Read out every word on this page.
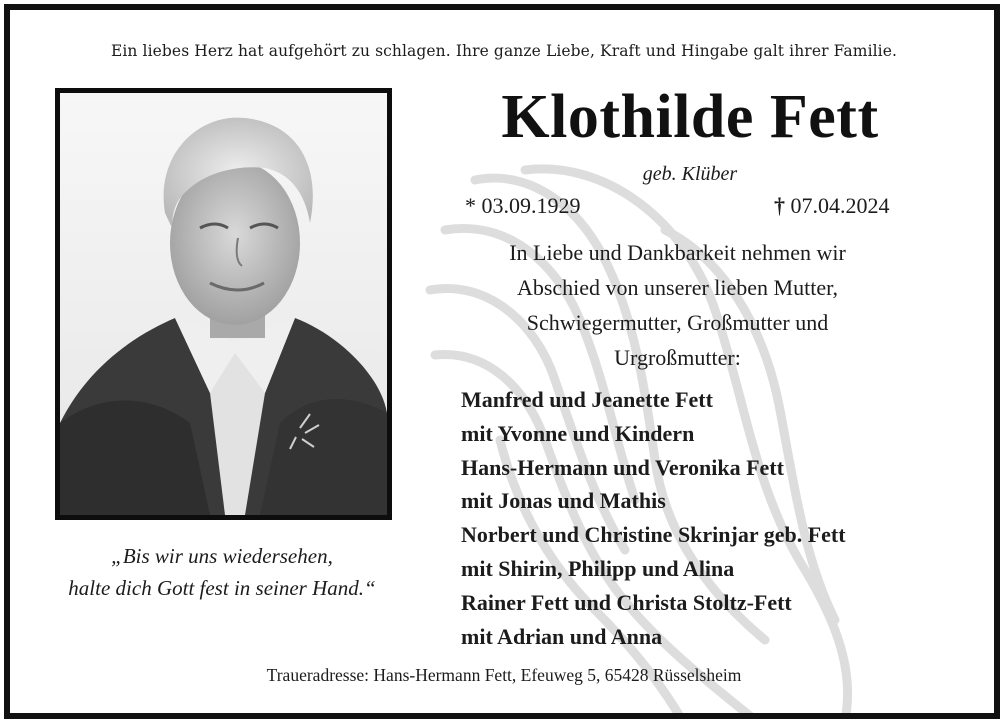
Ein liebes Herz hat aufgehört zu schlagen. Ihre ganze Liebe, Kraft und Hingabe galt ihrer Familie.
Klothilde Fett
geb. Klüber
* 03.09.1929	† 07.04.2024
In Liebe und Dankbarkeit nehmen wir
Abschied von unserer lieben Mutter,
Schwiegermutter, Großmutter und
Urgroßmutter:
Manfred und Jeanette Fett
mit Yvonne und Kindern
Hans-Hermann und Veronika Fett
mit Jonas und Mathis
Norbert und Christine Skrinjar geb. Fett
mit Shirin, Philipp und Alina
Rainer Fett und Christa Stoltz-Fett
mit Adrian und Anna
„Bis wir uns wiedersehen,
halte dich Gott fest in seiner Hand.“
Traueradresse: Hans-Hermann Fett, Efeuweg 5, 65428 Rüsselsheim
